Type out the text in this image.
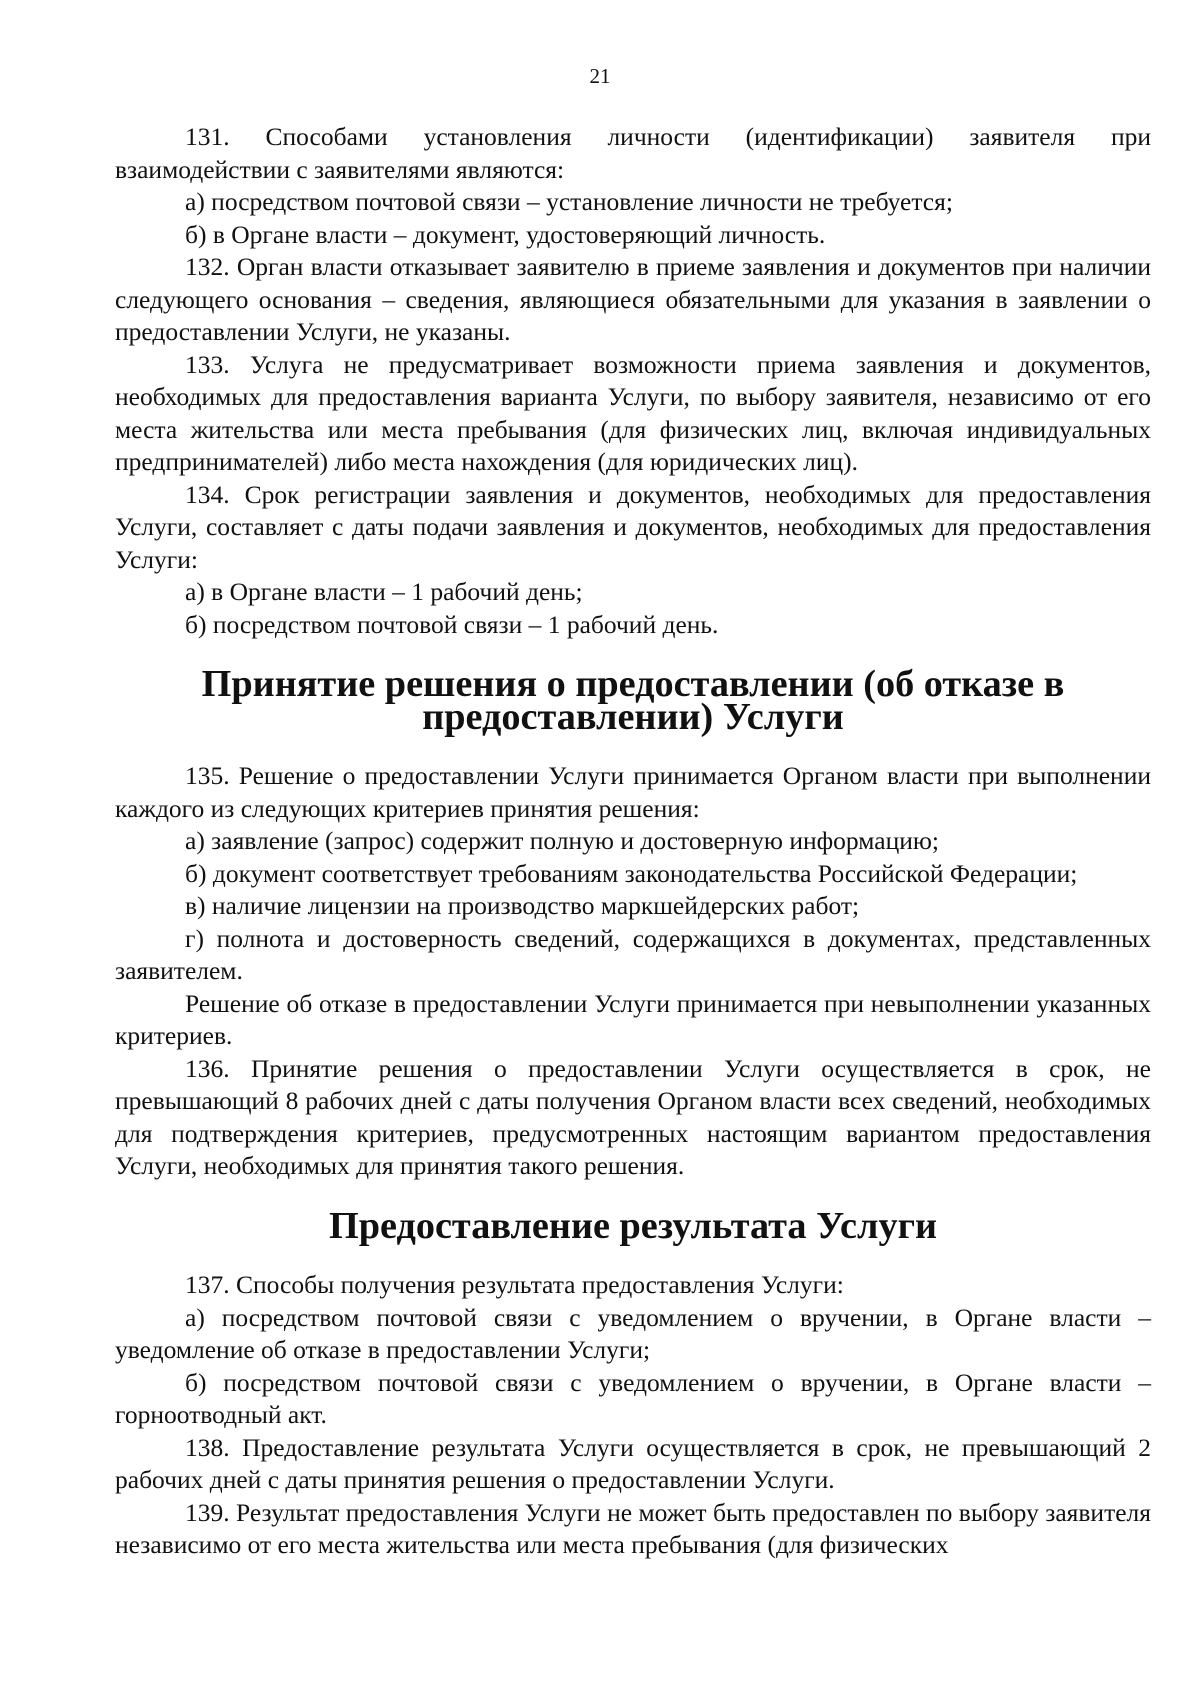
21

131. Способами установления личности (идентификации) заявителя при взаимодействии с заявителями являются:

а) посредством почтовой связи – установление личности не требуется;

б) в Органе власти – документ, удостоверяющий личность.

132. Орган власти отказывает заявителю в приеме заявления и документов при наличии следующего основания – сведения, являющиеся обязательными для указания в заявлении о предоставлении Услуги, не указаны.

133. Услуга не предусматривает возможности приема заявления и документов, необходимых для предоставления варианта Услуги, по выбору заявителя, независимо от его места жительства или места пребывания (для физических лиц, включая индивидуальных предпринимателей) либо места нахождения (для юридических лиц).

134. Срок регистрации заявления и документов, необходимых для предоставления Услуги, составляет с даты подачи заявления и документов, необходимых для предоставления Услуги:

а) в Органе власти – 1 рабочий день;

б) посредством почтовой связи – 1 рабочий день.

Принятие решения о предоставлении (об отказе в предоставлении) Услуги

135. Решение о предоставлении Услуги принимается Органом власти при выполнении каждого из следующих критериев принятия решения:

а) заявление (запрос) содержит полную и достоверную информацию;

б) документ соответствует требованиям законодательства Российской Федерации;

в) наличие лицензии на производство маркшейдерских работ;

г) полнота и достоверность сведений, содержащихся в документах, представленных заявителем.

Решение об отказе в предоставлении Услуги принимается при невыполнении указанных критериев.

136. Принятие решения о предоставлении Услуги осуществляется в срок, не превышающий 8 рабочих дней с даты получения Органом власти всех сведений, необходимых для подтверждения критериев, предусмотренных настоящим вариантом предоставления Услуги, необходимых для принятия такого решения.

Предоставление результата Услуги

137. Способы получения результата предоставления Услуги:

а) посредством почтовой связи с уведомлением о вручении, в Органе власти – уведомление об отказе в предоставлении Услуги;

б) посредством почтовой связи с уведомлением о вручении, в Органе власти – горноотводный акт.

138. Предоставление результата Услуги осуществляется в срок, не превышающий 2 рабочих дней с даты принятия решения о предоставлении Услуги.

139. Результат предоставления Услуги не может быть предоставлен по выбору заявителя независимо от его места жительства или места пребывания (для физических
